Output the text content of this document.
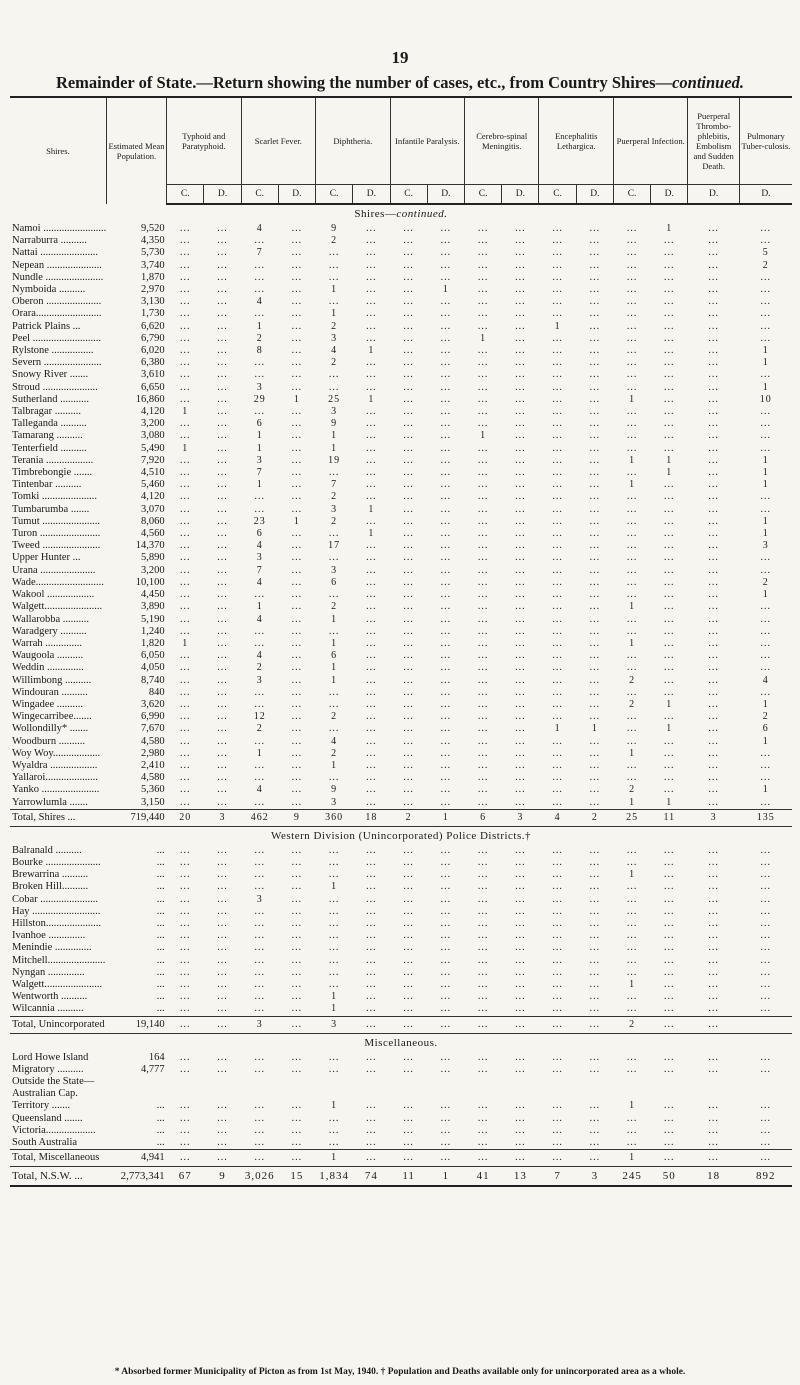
19
Remainder of State.—Return showing the number of cases, etc., from Country Shires—continued.
Shires.	Estimated Mean Population.	Typhoid and Paratyphoid.		Scarlet Fever.		Diphtheria.		Infantile Paralysis.		Cerebro-spinal Meningitis.		Encephalitis Lethargica.		Puerperal Infection.		Puerperal Thrombo-phlebitis, Embolism and Sudden Death.	Pulmonary Tuber-culosis.
		C.	D.	C.	D.	C.	D.	C.	D.	C.	D.	C.	D.	C.	D.	D.	D.
Shires—continued.																	
Namoi ........................	9,520	...	...	4	...	9	...	...	...	...	...	...	...	...	1	...	...
Narraburra ..........	4,350	...	...	...	...	2	...	...	...	...	...	...	...	...	...	...	...
Nattai ......................	5,730	...	...	7	...	...	...	...	...	...	...	...	...	...	...	...	5
Nepean .....................	3,740	...	...	...	...	...	...	...	...	...	...	...	...	...	...	...	2
Nundle ......................	1,870	...	...	...	...	...	...	...	...	...	...	...	...	...	...	...	...
Nymboida ..........	2,970	...	...	...	...	1	...	...	1	...	...	...	...	...	...	...	...
Oberon .....................	3,130	...	...	4	...	...	...	...	...	...	...	...	...	...	...	...	...
Orara.........................	1,730	...	...	...	...	1	...	...	...	...	...	...	...	...	...	...	...
Patrick Plains ...	6,620	...	...	1	...	2	...	...	...	...	...	1	...	...	...	...	...
Peel ..........................	6,790	...	...	2	...	3	...	...	...	1	...	...	...	...	...	...	...
Rylstone ................	6,020	...	...	8	...	4	1	...	...	...	...	...	...	...	...	...	1
Severn ......................	6,380	...	...	...	...	2	...	...	...	...	...	...	...	...	...	...	1
Snowy River .......	3,610	...	...	...	...	...	...	...	...	...	...	...	...	...	...	...	...
Stroud .....................	6,650	...	...	3	...	...	...	...	...	...	...	...	...	...	...	...	1
Sutherland ...........	16,860	...	...	29	1	25	1	...	...	...	...	...	...	1	...	...	10
Talbragar ..........	4,120	1	...	...	...	3	...	...	...	...	...	...	...	...	...	...	...
Talleganda ..........	3,200	...	...	6	...	9	...	...	...	...	...	...	...	...	...	...	...
Tamarang ..........	3,080	...	...	1	...	1	...	...	...	1	...	...	...	...	...	...	...
Tenterfield ..........	5,490	1	...	1	...	1	...	...	...	...	...	...	...	...	...	...	...
Terania ..................	7,920	...	...	3	...	19	...	...	...	...	...	...	...	1	1	...	1
Timbrebongie .......	4,510	...	...	7	...	...	...	...	...	...	...	...	...	...	1	...	1
Tintenbar ..........	5,460	...	...	1	...	7	...	...	...	...	...	...	...	1	...	...	1
Tomki .....................	4,120	...	...	...	...	2	...	...	...	...	...	...	...	...	...	...	...
Tumbarumba .......	3,070	...	...	...	...	3	1	...	...	...	...	...	...	...	...	...	...
Tumut ......................	8,060	...	...	23	1	2	...	...	...	...	...	...	...	...	...	...	1
Turon .......................	4,560	...	...	6	...	...	1	...	...	...	...	...	...	...	...	...	1
Tweed ......................	14,370	...	...	4	...	17	...	...	...	...	...	...	...	...	...	...	3
Upper Hunter ...	5,890	...	...	3	...	...	...	...	...	...	...	...	...	...	...	...	...
Urana .....................	3,200	...	...	7	...	3	...	...	...	...	...	...	...	...	...	...	...
Wade..........................	10,100	...	...	4	...	6	...	...	...	...	...	...	...	...	...	...	2
Wakool ..................	4,450	...	...	...	...	...	...	...	...	...	...	...	...	...	...	...	1
Walgett......................	3,890	...	...	1	...	2	...	...	...	...	...	...	...	1	...	...	...
Wallarobba ..........	5,190	...	...	4	...	1	...	...	...	...	...	...	...	...	...	...	...
Waradgery ..........	1,240	...	...	...	...	...	...	...	...	...	...	...	...	...	...	...	...
Warrah ..............	1,820	1	...	...	...	1	...	...	...	...	...	...	...	1	...	...	...
Waugoola ..........	6,050	...	...	4	...	6	...	...	...	...	...	...	...	...	...	...	...
Weddin ..............	4,050	...	...	2	...	1	...	...	...	...	...	...	...	...	...	...	...
Willimbong ..........	8,740	...	...	3	...	1	...	...	...	...	...	...	...	2	...	...	4
Windouran ..........	840	...	...	...	...	...	...	...	...	...	...	...	...	...	...	...	...
Wingadee ..........	3,620	...	...	...	...	...	...	...	...	...	...	...	...	2	1	...	1
Wingecarribee.......	6,990	...	...	12	...	2	...	...	...	...	...	...	...	...	...	...	2
Wollondilly* .......	7,670	...	...	2	...	...	...	...	...	...	...	1	1	...	1	...	6
Woodburn ..........	4,580	...	...	...	...	4	...	...	...	...	...	...	...	...	...	...	1
Woy Woy..................	2,980	...	...	1	...	2	...	...	...	...	...	...	...	1	...	...	...
Wyaldra ..................	2,410	...	...	...	...	1	...	...	...	...	...	...	...	...	...	...	...
Yallaroi....................	4,580	...	...	...	...	...	...	...	...	...	...	...	...	...	...	...	...
Yanko ......................	5,360	...	...	4	...	9	...	...	...	...	...	...	...	2	...	...	1
Yarrowlumla .......	3,150	...	...	...	...	3	...	...	...	...	...	...	...	1	1	...	...
Total, Shires ...	719,440	20	3	462	9	360	18	2	1	6	3	4	2	25	11	3	135
Western Division (Unincorporated) Police Districts.†																	
Balranald ..........	...	...	...	...	...	...	...	...	...	...	...	...	...	...	...	...	...
Bourke .....................	...	...	...	...	...	...	...	...	...	...	...	...	...	...	...	...	...
Brewarrina ..........	...	...	...	...	...	...	...	...	...	...	...	...	...	1	...	...	...
Broken Hill..........	...	...	...	...	...	1	...	...	...	...	...	...	...	...	...	...	...
Cobar ......................	...	...	...	3	...	...	...	...	...	...	...	...	...	...	...	...	...
Hay ..........................	...	...	...	...	...	...	...	...	...	...	...	...	...	...	...	...	...
Hillston.....................	...	...	...	...	...	...	...	...	...	...	...	...	...	...	...	...	...
Ivanhoe ..............	...	...	...	...	...	...	...	...	...	...	...	...	...	...	...	...	...
Menindie ..............	...	...	...	...	...	...	...	...	...	...	...	...	...	...	...	...	...
Mitchell......................	...	...	...	...	...	...	...	...	...	...	...	...	...	...	...	...	...
Nyngan ..............	...	...	...	...	...	...	...	...	...	...	...	...	...	...	...	...	...
Walgett......................	...	...	...	...	...	...	...	...	...	...	...	...	...	1	...	...	...
Wentworth ..........	...	...	...	...	...	1	...	...	...	...	...	...	...	...	...	...	...
Wilcannia ..........	...	...	...	...	...	1	...	...	...	...	...	...	...	...	...	...	...
Total, Unincorporated	19,140	...	...	3	...	3	...	...	...	...	...	...	...	2	...	...	
Miscellaneous.																	
Lord Howe Island	164	...	...	...	...	...	...	...	...	...	...	...	...	...	...	...	...
Migratory ..........	4,777	...	...	...	...	...	...	...	...	...	...	...	...	...	...	...	...
Outside the State—																	
Australian Cap.																	
Territory .......	...	...	...	...	...	1	...	...	...	...	...	...	...	1	...	...	...
Queensland .......	...	...	...	...	...	...	...	...	...	...	...	...	...	...	...	...	...
Victoria...................	...	...	...	...	...	...	...	...	...	...	...	...	...	...	...	...	...
South Australia	...	...	...	...	...	...	...	...	...	...	...	...	...	...	...	...	...
Total, Miscellaneous	4,941	...	...	...	...	1	...	...	...	...	...	...	...	1	...	...	...
Total, N.S.W. ...	2,773,341	67	9	3,026	15	1,834	74	11	1	41	13	7	3	245	50	18	892
* Absorbed former Municipality of Picton as from 1st May, 1940. † Population and Deaths available only for unincorporated area as a whole.
